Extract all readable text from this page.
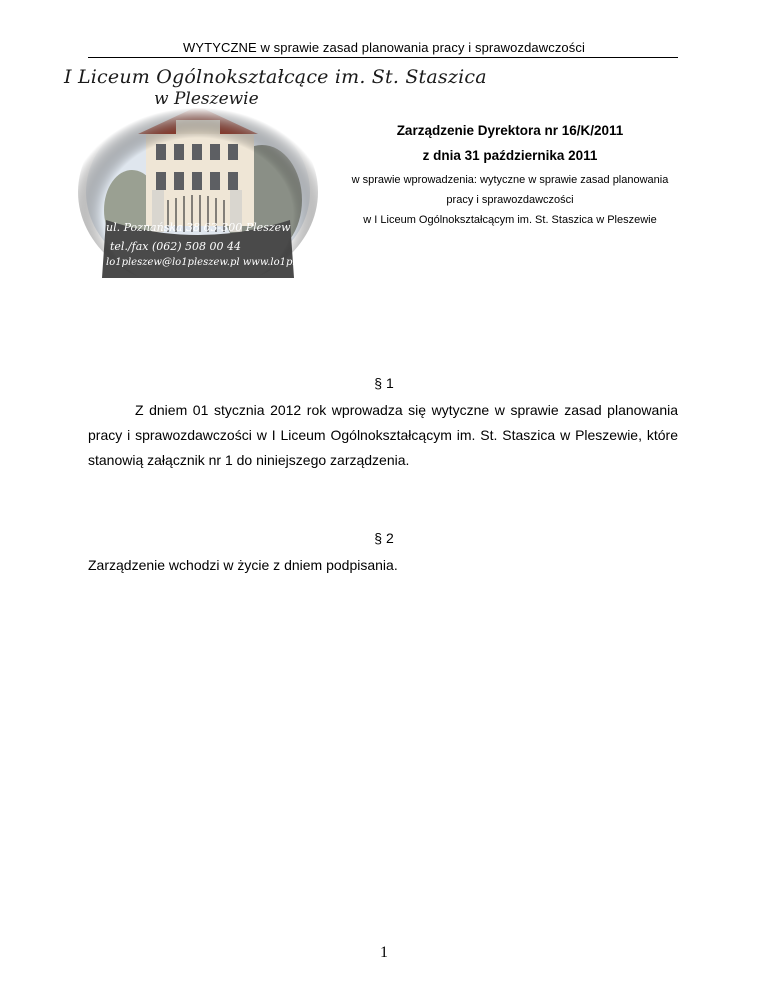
WYTYCZNE w sprawie zasad planowania pracy i sprawozdawczości
I Liceum Ogólnokształcące im. St. Staszica
w Pleszewie
ul. Poznańska 38 63-300 Pleszew
tel./fax (062) 508 00 44
lo1pleszew@lo1pleszew.pl www.lo1pleszew.pl
Zarządzenie Dyrektora nr 16/K/2011
z dnia 31 października 2011
w sprawie wprowadzenia: wytyczne w sprawie zasad planowania
pracy i sprawozdawczości
w I Liceum Ogólnokształcącym im. St. Staszica w Pleszewie
§ 1
Z dniem 01 stycznia 2012 rok wprowadza się wytyczne w sprawie zasad planowania pracy i sprawozdawczości w I Liceum Ogólnokształcącym im. St. Staszica w Pleszewie, które stanowią załącznik nr 1 do niniejszego zarządzenia.
§ 2
Zarządzenie wchodzi w życie z dniem podpisania.
1
